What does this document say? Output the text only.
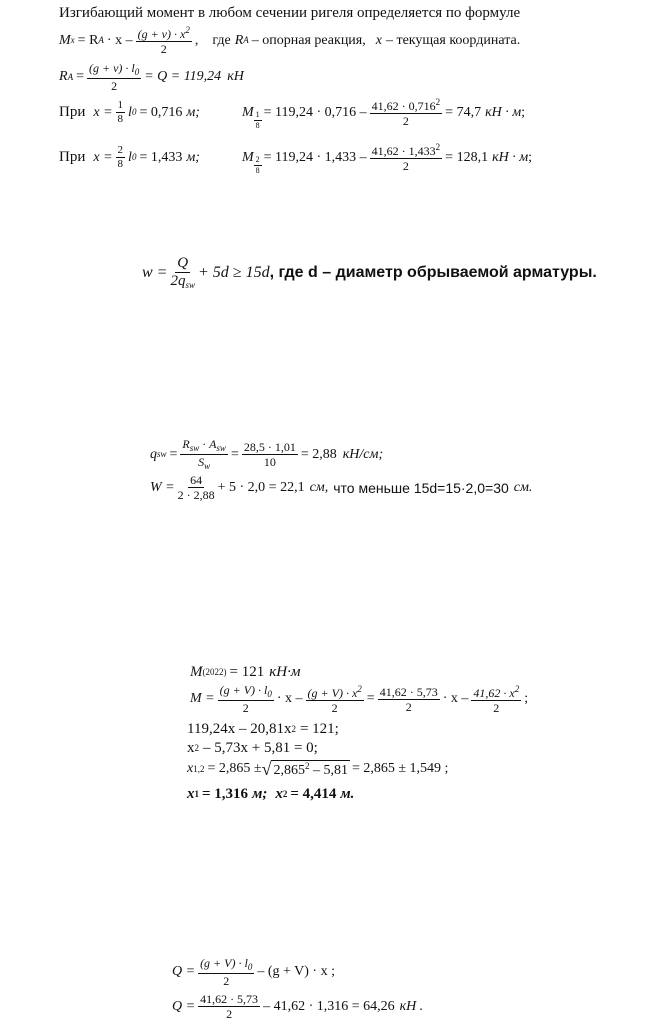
Изгибающий момент в любом сечении ригеля определяется по формуле
M x = R $A \cdot x - \frac{(g + v) \cdot x^2}{2}$ , где R A – опорная реакция, x – текущая координата.
R $A = \frac{(g + v) \cdot l_0}{2} = Q = 119,24$ кН
При $x = \frac{1}{8}$ l 0 = 0,716 м;	M $\frac{1}{8} = 119,24 \cdot 0,716 - \frac{41,62 \cdot 0,716^2}{2} = 74,7$ кН · м ;
При $x = \frac{2}{8}$ l 0 = 1,433 м;	M $\frac{2}{8} = 119,24 \cdot 1,433 - \frac{41,62 \cdot 1,433^2}{2} = 128,1$ кН · м ;
$w = \frac{Q}{2q_{sw}} + 5d \ge 15d$ , где d – диаметр обрываемой арматуры.
q sw = $\frac{R_{sw} \cdot A_{sw}}{S_w} = \frac{28,5 \cdot 1,01}{10} = 2,88$ кН/см;
$W = \frac{64}{2 \cdot 2,88} + 5 \cdot 2,0 = 22,1$ см, что меньше 15d=15·2,0=30 см.
M (2022) = 121 кН·м
$M = \frac{(g + V) \cdot l_0}{2} \cdot x - \frac{(g + V) \cdot x^2}{2} = \frac{41,62 \cdot 5,73}{2} \cdot x - \frac{41,62 \cdot x^2}{2}$ ;
119,24x – 20,81x 2 = 121;
x 2 – 5,73x + 5,81 = 0;
x 1,2 = 2,865 ± √ 2,865$^2$ – 5,81 = 2,865 ± 1,549 ;
x 1 = 1,316 м; x 2 = 4,414 м.
$Q = \frac{(g + V) \cdot l_0}{2} - (g + V) \cdot x$ ;
$Q = \frac{41,62 \cdot 5,73}{2} - 41,62 \cdot 1,316 = 64,26$ кН .
